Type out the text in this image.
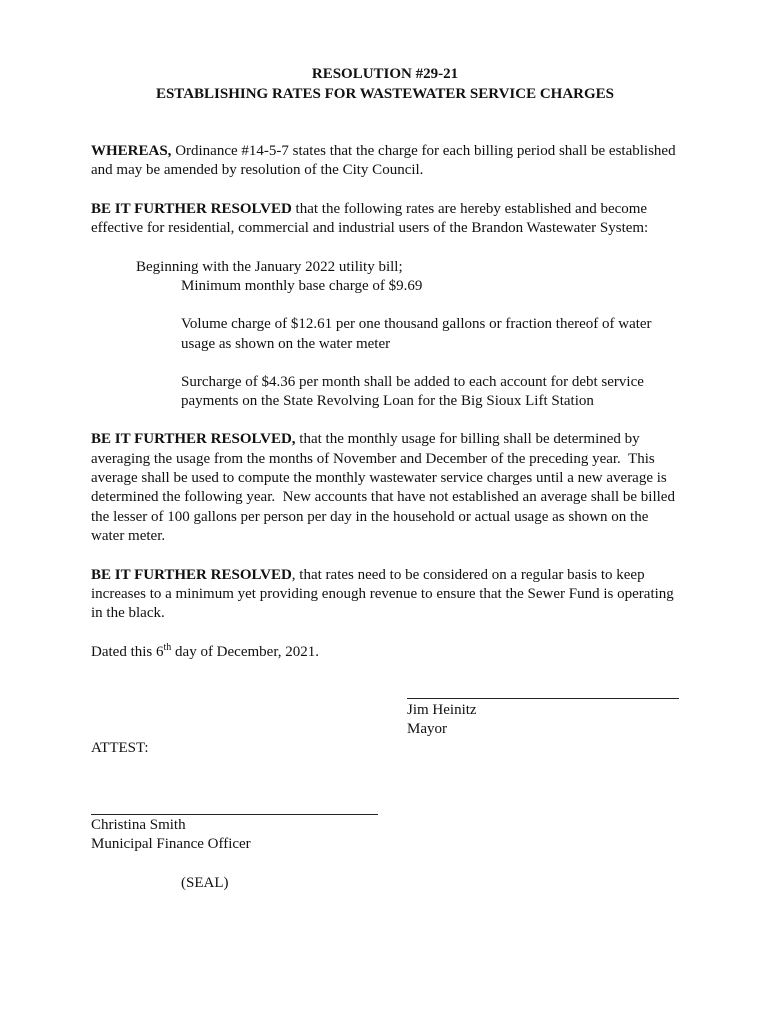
RESOLUTION #29-21
ESTABLISHING RATES FOR WASTEWATER SERVICE CHARGES
WHEREAS, Ordinance #14-5-7 states that the charge for each billing period shall be established
and may be amended by resolution of the City Council.
BE IT FURTHER RESOLVED that the following rates are hereby established and become
effective for residential, commercial and industrial users of the Brandon Wastewater System:
Beginning with the January 2022 utility bill;
Minimum monthly base charge of $9.69
Volume charge of $12.61 per one thousand gallons or fraction thereof of water
usage as shown on the water meter
Surcharge of $4.36 per month shall be added to each account for debt service
payments on the State Revolving Loan for the Big Sioux Lift Station
BE IT FURTHER RESOLVED, that the monthly usage for billing shall be determined by
averaging the usage from the months of November and December of the preceding year.  This
average shall be used to compute the monthly wastewater service charges until a new average is
determined the following year.  New accounts that have not established an average shall be billed
the lesser of 100 gallons per person per day in the household or actual usage as shown on the
water meter.
BE IT FURTHER RESOLVED, that rates need to be considered on a regular basis to keep
increases to a minimum yet providing enough revenue to ensure that the Sewer Fund is operating
in the black.
Dated this 6th day of December, 2021.
Jim Heinitz
Mayor
ATTEST:
Christina Smith
Municipal Finance Officer
(SEAL)
